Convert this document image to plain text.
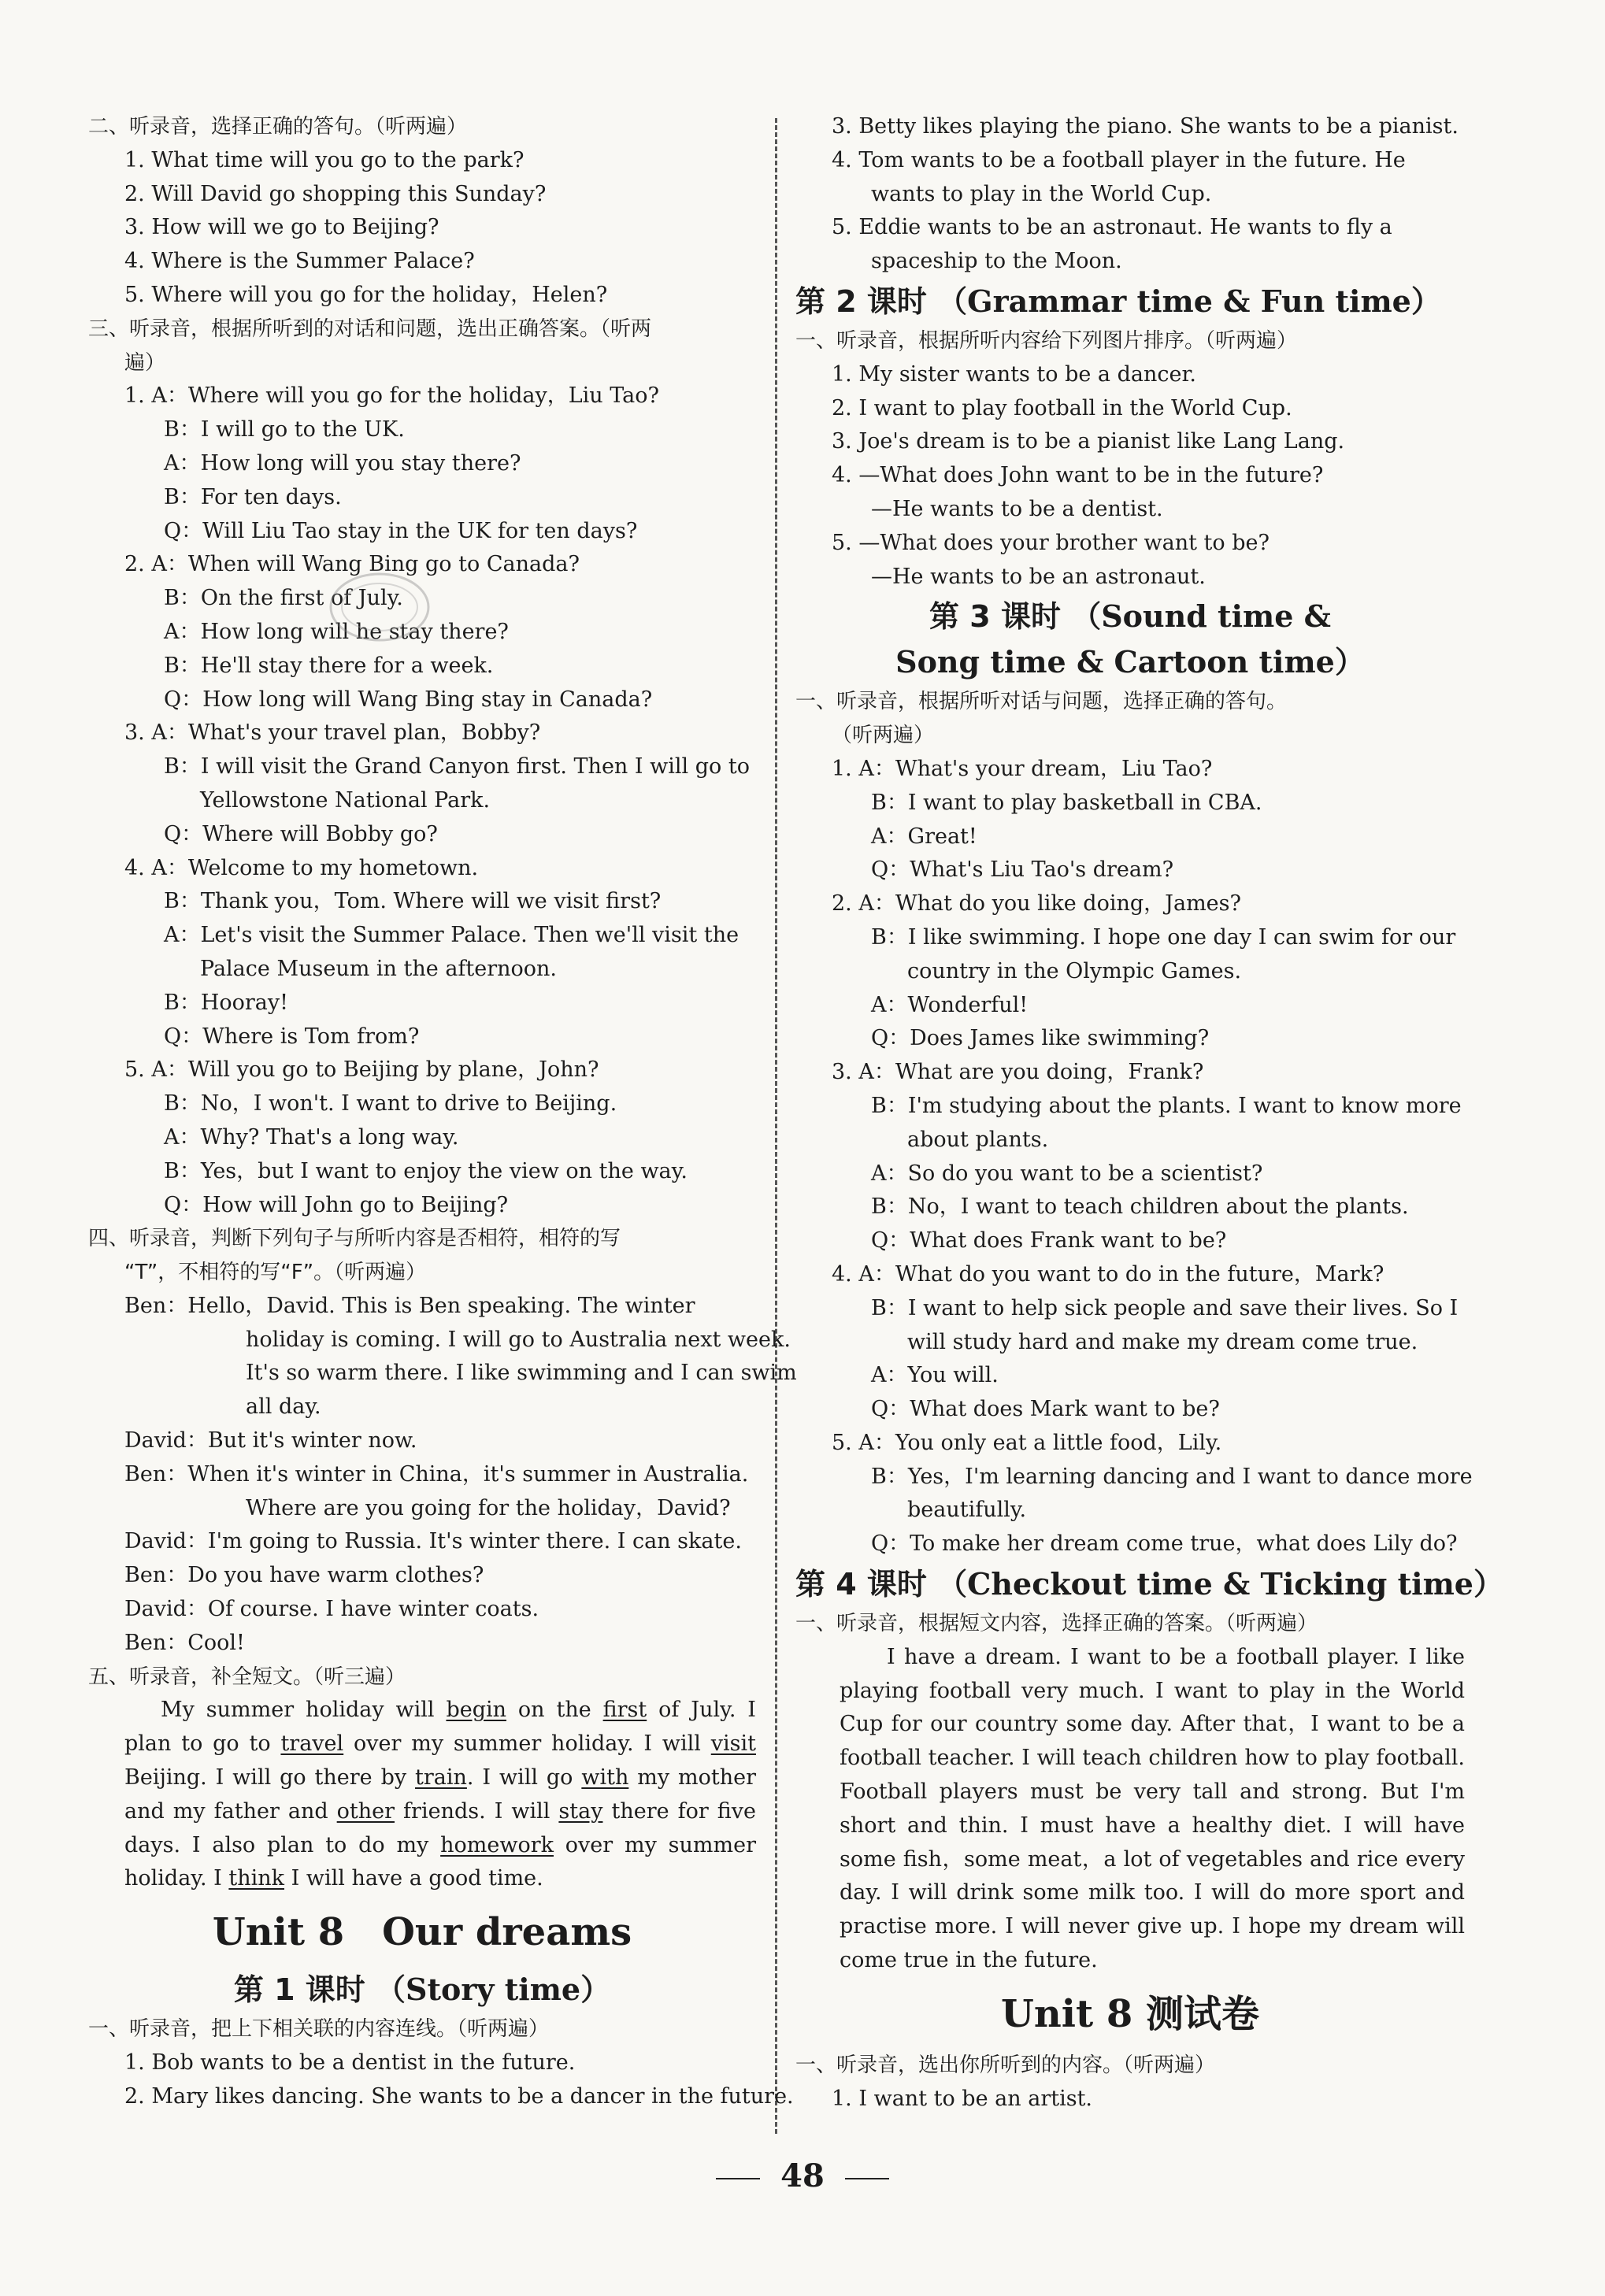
二、听录音，选择正确的答句。（听两遍）
1. What time will you go to the park?
2. Will David go shopping this Sunday?
3. How will we go to Beijing?
4. Where is the Summer Palace?
5. Where will you go for the holiday，Helen?
三、听录音，根据所听到的对话和问题，选出正确答案。（听两
遍）
1. A：Where will you go for the holiday，Liu Tao?
B：I will go to the UK.
A：How long will you stay there?
B：For ten days.
Q：Will Liu Tao stay in the UK for ten days?
2. A：When will Wang Bing go to Canada?
B：On the first of July.
A：How long will he stay there?
B：He'll stay there for a week.
Q：How long will Wang Bing stay in Canada?
3. A：What's your travel plan，Bobby?
B：I will visit the Grand Canyon first. Then I will go to
Yellowstone National Park.
Q：Where will Bobby go?
4. A：Welcome to my hometown.
B：Thank you，Tom. Where will we visit first?
A：Let's visit the Summer Palace. Then we'll visit the
Palace Museum in the afternoon.
B：Hooray!
Q：Where is Tom from?
5. A：Will you go to Beijing by plane，John?
B：No，I won't. I want to drive to Beijing.
A：Why? That's a long way.
B：Yes，but I want to enjoy the view on the way.
Q：How will John go to Beijing?
四、听录音，判断下列句子与所听内容是否相符，相符的写
“T”，不相符的写“F”。（听两遍）
Ben：Hello，David. This is Ben speaking. The winter
holiday is coming. I will go to Australia next week.
It's so warm there. I like swimming and I can swim
all day.
David：But it's winter now.
Ben：When it's winter in China，it's summer in Australia.
Where are you going for the holiday，David?
David：I'm going to Russia. It's winter there. I can skate.
Ben：Do you have warm clothes?
David：Of course. I have winter coats.
Ben：Cool!
五、听录音，补全短文。（听三遍）
My summer holiday will begin on the first of July. I plan to go to travel over my summer holiday. I will visit Beijing. I will go there by train. I will go with my mother and my father and other friends. I will stay there for five days. I also plan to do my homework over my summer holiday. I think I will have a good time.
Unit 8　Our dreams
第 1 课时 （Story time）
一、听录音，把上下相关联的内容连线。（听两遍）
1. Bob wants to be a dentist in the future.
2. Mary likes dancing. She wants to be a dancer in the future.
3. Betty likes playing the piano. She wants to be a pianist.
4. Tom wants to be a football player in the future. He
wants to play in the World Cup.
5. Eddie wants to be an astronaut. He wants to fly a
spaceship to the Moon.
第 2 课时 （Grammar time & Fun time）
一、听录音，根据所听内容给下列图片排序。（听两遍）
1. My sister wants to be a dancer.
2. I want to play football in the World Cup.
3. Joe's dream is to be a pianist like Lang Lang.
4. —What does John want to be in the future?
—He wants to be a dentist.
5. —What does your brother want to be?
—He wants to be an astronaut.
第 3 课时 （Sound time &
Song time & Cartoon time）
一、听录音，根据所听对话与问题，选择正确的答句。
（听两遍）
1. A：What's your dream，Liu Tao?
B：I want to play basketball in CBA.
A：Great!
Q：What's Liu Tao's dream?
2. A：What do you like doing，James?
B：I like swimming. I hope one day I can swim for our
country in the Olympic Games.
A：Wonderful!
Q：Does James like swimming?
3. A：What are you doing，Frank?
B：I'm studying about the plants. I want to know more
about plants.
A：So do you want to be a scientist?
B：No，I want to teach children about the plants.
Q：What does Frank want to be?
4. A：What do you want to do in the future，Mark?
B：I want to help sick people and save their lives. So I
will study hard and make my dream come true.
A：You will.
Q：What does Mark want to be?
5. A：You only eat a little food，Lily.
B：Yes，I'm learning dancing and I want to dance more
beautifully.
Q：To make her dream come true，what does Lily do?
第 4 课时 （Checkout time & Ticking time）
一、听录音，根据短文内容，选择正确的答案。（听两遍）
I have a dream. I want to be a football player. I like playing football very much. I want to play in the World Cup for our country some day. After that，I want to be a football teacher. I will teach children how to play football. Football players must be very tall and strong. But I'm short and thin. I must have a healthy diet. I will have some fish，some meat，a lot of vegetables and rice every day. I will drink some milk too. I will do more sport and practise more. I will never give up. I hope my dream will come true in the future.
Unit 8 测试卷
一、听录音，选出你所听到的内容。（听两遍）
1. I want to be an artist.
48
